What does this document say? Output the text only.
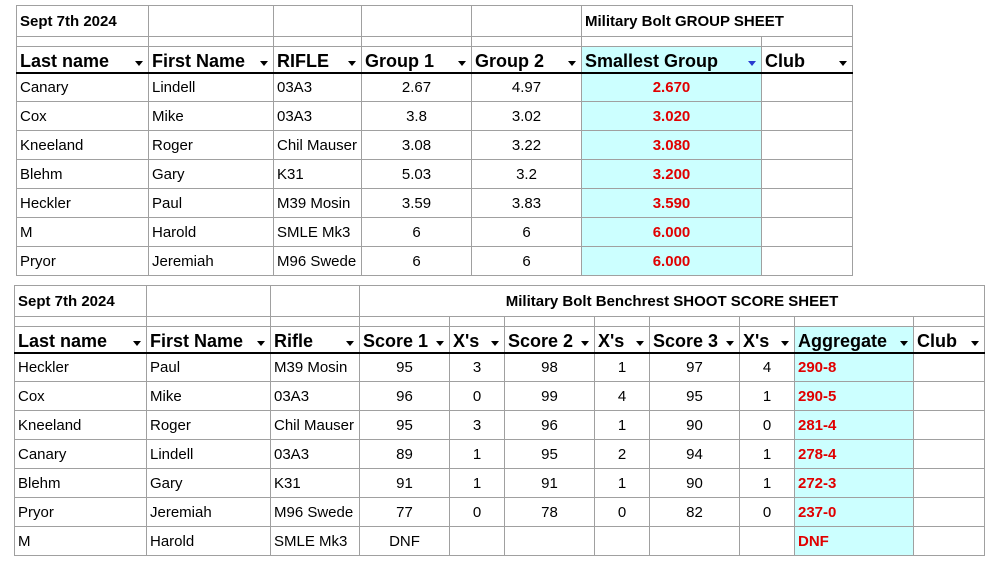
Sept 7th 2024					Military Bolt GROUP SHEET	

Last name	First Name	RIFLE	Group 1	Group 2	Smallest Group	Club

Canary	Lindell	03A3	2.67	4.97	2.670	
Cox	Mike	03A3	3.8	3.02	3.020	
Kneeland	Roger	Chil Mauser	3.08	3.22	3.080	
Blehm	Gary	K31	5.03	3.2	3.200	
Heckler	Paul	M39 Mosin	3.59	3.83	3.590	
M	Harold	SMLE Mk3	6	6	6.000	
Pryor	Jeremiah	M96 Swede	6	6	6.000	
Sept 7th 2024			Military Bolt Benchrest SHOOT SCORE SHEET							

Last name	First Name	Rifle	Score 1	X's	Score 2	X's	Score 3	X's	Aggregate	Club

Heckler	Paul	M39 Mosin	95	3	98	1	97	4	290-8	
Cox	Mike	03A3	96	0	99	4	95	1	290-5	
Kneeland	Roger	Chil Mauser	95	3	96	1	90	0	281-4	
Canary	Lindell	03A3	89	1	95	2	94	1	278-4	
Blehm	Gary	K31	91	1	91	1	90	1	272-3	
Pryor	Jeremiah	M96 Swede	77	0	78	0	82	0	237-0	
M	Harold	SMLE Mk3	DNF						DNF	
